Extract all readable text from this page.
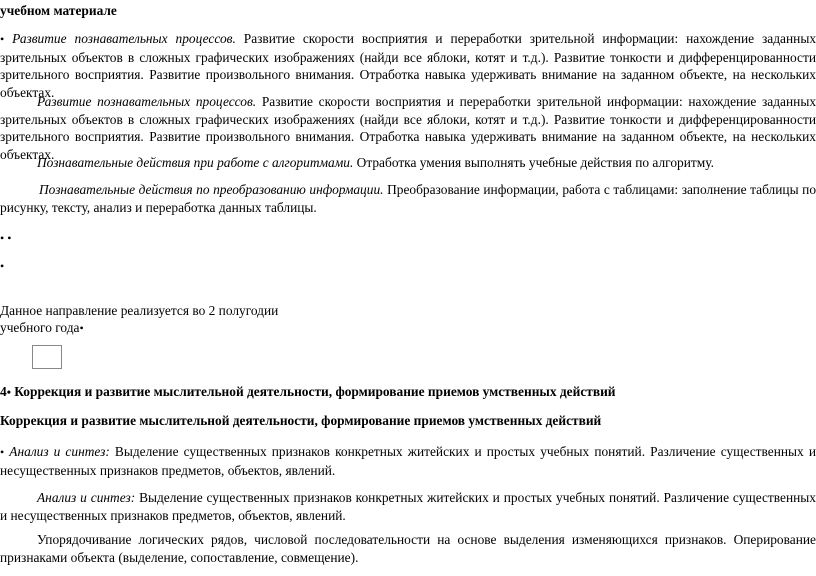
учебном материале
• Развитие познавательных процессов. Развитие скорости восприятия и переработки зрительной информации: нахождение заданных зрительных объектов в сложных графических изображениях (найди все яблоки, котят и т.д.). Развитие тонкости и дифференцированности зрительного восприятия. Развитие произвольного внимания. Отработка навыка удерживать внимание на заданном объекте, на нескольких объектах.
Развитие познавательных процессов. Развитие скорости восприятия и переработки зрительной информации: нахождение заданных зрительных объектов в сложных графических изображениях (найди все яблоки, котят и т.д.). Развитие тонкости и дифференцированности зрительного восприятия. Развитие произвольного внимания. Отработка навыка удерживать внимание на заданном объекте, на нескольких объектах.
Познавательные действия при работе с алгоритмами. Отработка умения выполнять учебные действия по алгоритму.
Познавательные действия по преобразованию информации. Преобразование информации, работа с таблицами: заполнение таблицы по рисунку, тексту, анализ и переработка данных таблицы.
• •
•
Данное направление реализуется во 2 полугодии
учебного года•
4• Коррекция и развитие мыслительной деятельности, формирование приемов умственных действий
Коррекция и развитие мыслительной деятельности, формирование приемов умственных действий
• Анализ и синтез: Выделение существенных признаков конкретных житейских и простых учебных понятий. Различение существенных и несущественных признаков предметов, объектов, явлений.
Анализ и синтез: Выделение существенных признаков конкретных житейских и простых учебных понятий. Различение существенных и несущественных признаков предметов, объектов, явлений.
Упорядочивание логических рядов, числовой последовательности на основе выделения изменяющихся признаков. Оперирование признаками объекта (выделение, сопоставление, совмещение).
